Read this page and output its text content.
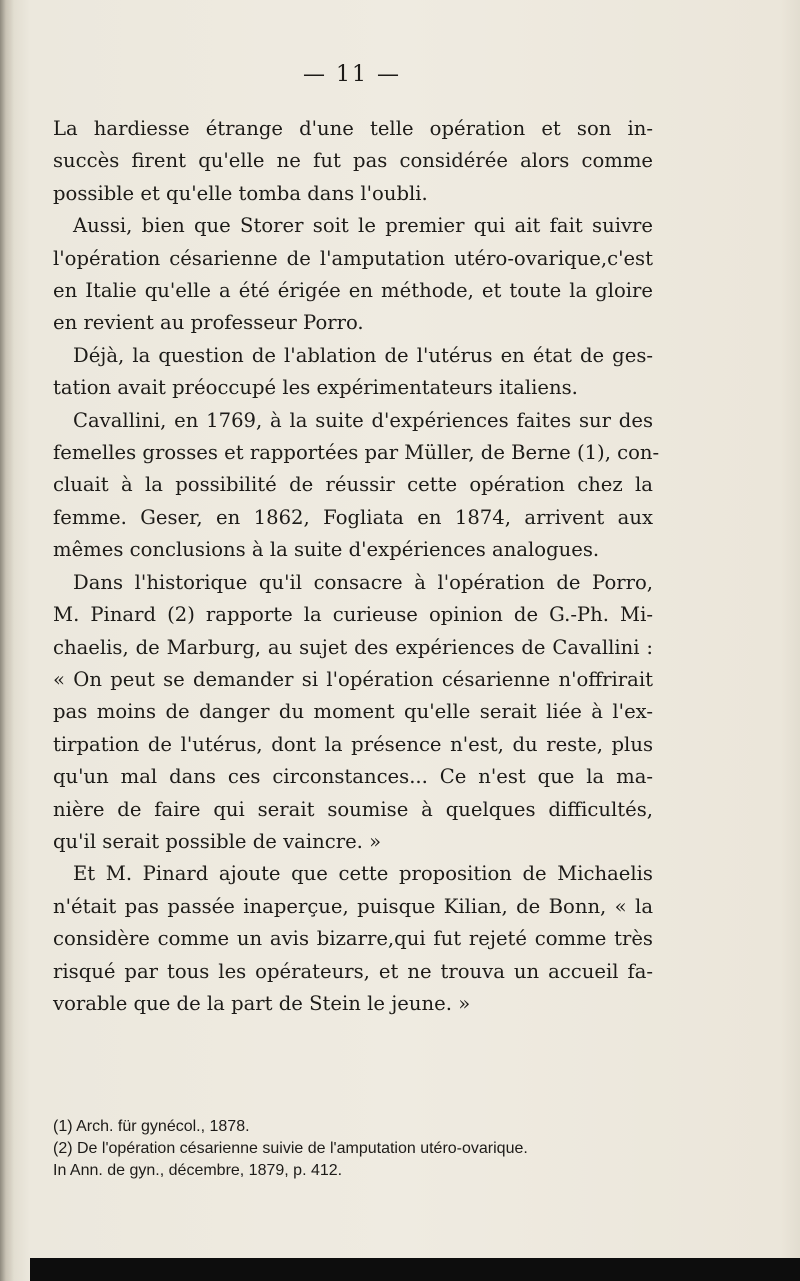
— 11 —
La hardiesse étrange d'une telle opération et son in-
succès firent qu'elle ne fut pas considérée alors comme
possible et qu'elle tomba dans l'oubli.
Aussi, bien que Storer soit le premier qui ait fait suivre
l'opération césarienne de l'amputation utéro-ovarique,c'est
en Italie qu'elle a été érigée en méthode, et toute la gloire
en revient au professeur Porro.
Déjà, la question de l'ablation de l'utérus en état de ges-
tation avait préoccupé les expérimentateurs italiens.
Cavallini, en 1769, à la suite d'expériences faites sur des
femelles grosses et rapportées par Müller, de Berne (1), con-
cluait à la possibilité de réussir cette opération chez la
femme. Geser, en 1862, Fogliata en 1874, arrivent aux
mêmes conclusions à la suite d'expériences analogues.
Dans l'historique qu'il consacre à l'opération de Porro,
M. Pinard (2) rapporte la curieuse opinion de G.-Ph. Mi-
chaelis, de Marburg, au sujet des expériences de Cavallini :
« On peut se demander si l'opération césarienne n'offrirait
pas moins de danger du moment qu'elle serait liée à l'ex-
tirpation de l'utérus, dont la présence n'est, du reste, plus
qu'un mal dans ces circonstances... Ce n'est que la ma-
nière de faire qui serait soumise à quelques difficultés,
qu'il serait possible de vaincre. »
Et M. Pinard ajoute que cette proposition de Michaelis
n'était pas passée inaperçue, puisque Kilian, de Bonn, « la
considère comme un avis bizarre,qui fut rejeté comme très
risqué par tous les opérateurs, et ne trouva un accueil fa-
vorable que de la part de Stein le jeune. »
(1) Arch. für gynécol., 1878.
(2) De l'opération césarienne suivie de l'amputation utéro-ovarique.
In Ann. de gyn., décembre, 1879, p. 412.
